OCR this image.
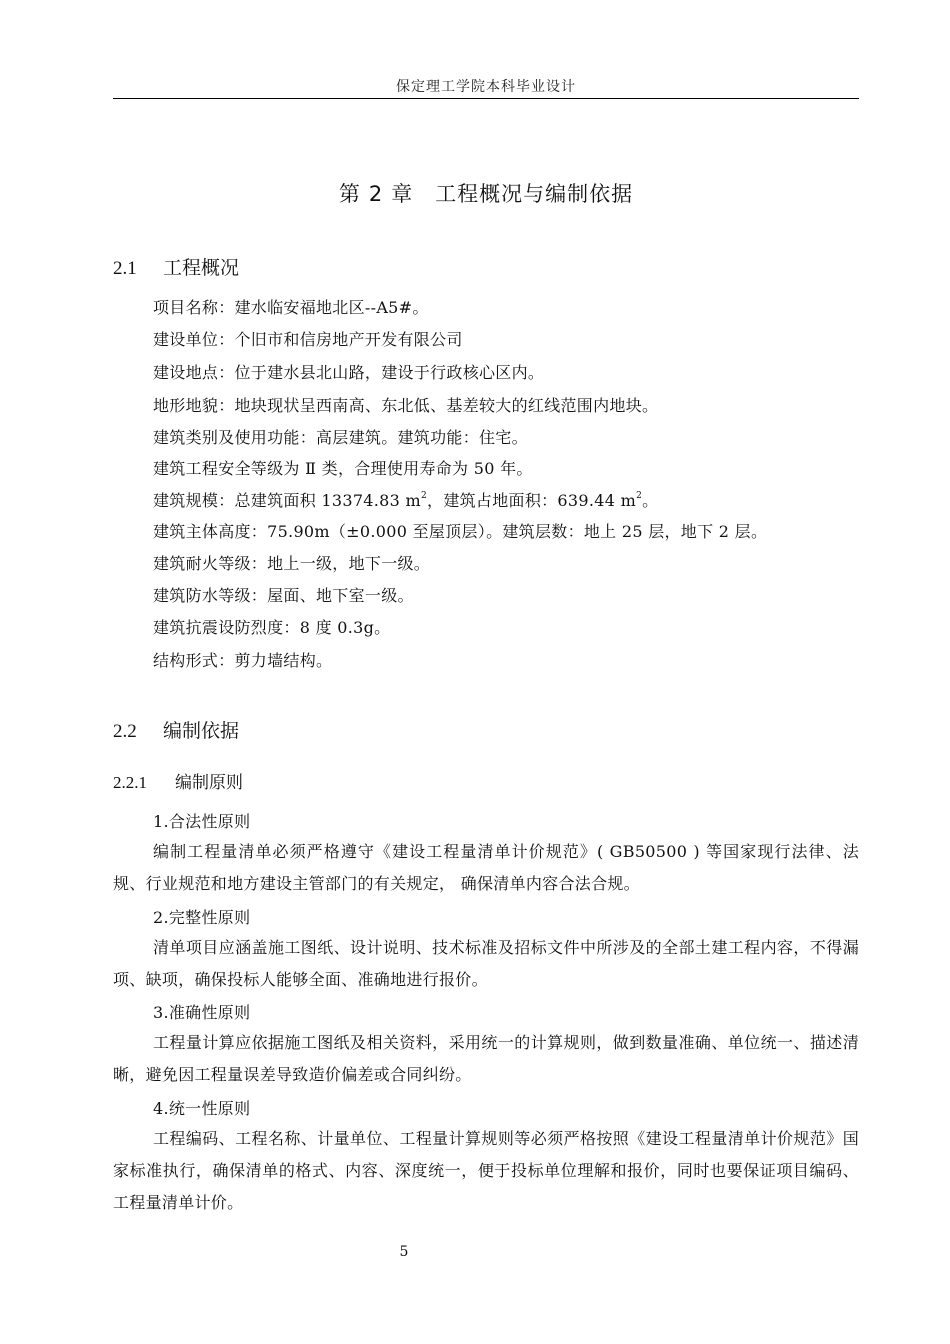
保定理工学院本科毕业设计
第 2 章 工程概况与编制依据
2.1 工程概况
项目名称：建水临安福地北区--A5#。
建设单位：个旧市和信房地产开发有限公司
建设地点：位于建水县北山路，建设于行政核心区内。
地形地貌：地块现状呈西南高、东北低、基差较大的红线范围内地块。
建筑类别及使用功能：高层建筑。建筑功能：住宅。
建筑工程安全等级为 Ⅱ 类，合理使用寿命为 50 年。
建筑规模：总建筑面积 13374.83 $m^2$，建筑占地面积：639.44 $m^2$。
建筑主体高度：75.90m（±0.000 至屋顶层）。建筑层数：地上 25 层，地下 2 层。
建筑耐火等级：地上一级，地下一级。
建筑防水等级：屋面、地下室一级。
建筑抗震设防烈度：8 度 0.3g。
结构形式：剪力墙结构。
2.2 编制依据
2.2.1 编制原则
1.合法性原则
编制工程量清单必须严格遵守《建设工程量清单计价规范》( GB50500 ) 等国家现行法律、法规、行业规范和地方建设主管部门的有关规定， 确保清单内容合法合规。
2.完整性原则
清单项目应涵盖施工图纸、设计说明、技术标准及招标文件中所涉及的全部土建工程内容，不得漏项、缺项，确保投标人能够全面、准确地进行报价。
3.准确性原则
工程量计算应依据施工图纸及相关资料，采用统一的计算规则，做到数量准确、单位统一、描述清晰，避免因工程量误差导致造价偏差或合同纠纷。
4.统一性原则
工程编码、工程名称、计量单位、工程量计算规则等必须严格按照《建设工程量清单计价规范》国家标准执行，确保清单的格式、内容、深度统一，便于投标单位理解和报价，同时也要保证项目编码、工程量清单计价。
5
